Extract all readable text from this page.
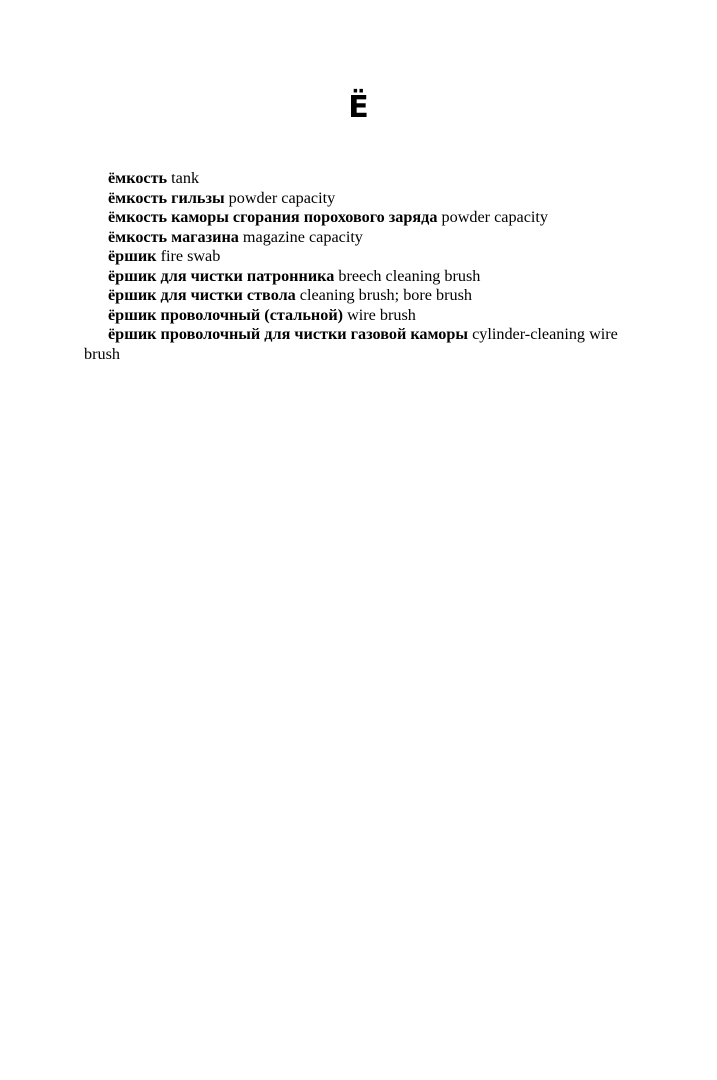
Ё

ёмкость tank

ёмкость гильзы powder capacity

ёмкость каморы сгорания порохового заряда powder capacity

ёмкость магазина magazine capacity

ёршик fire swab

ёршик для чистки патронника breech cleaning brush

ёршик для чистки ствола cleaning brush; bore brush

ёршик проволочный (стальной) wire brush

ёршик проволочный для чистки газовой каморы cylinder-cleaning wire brush
